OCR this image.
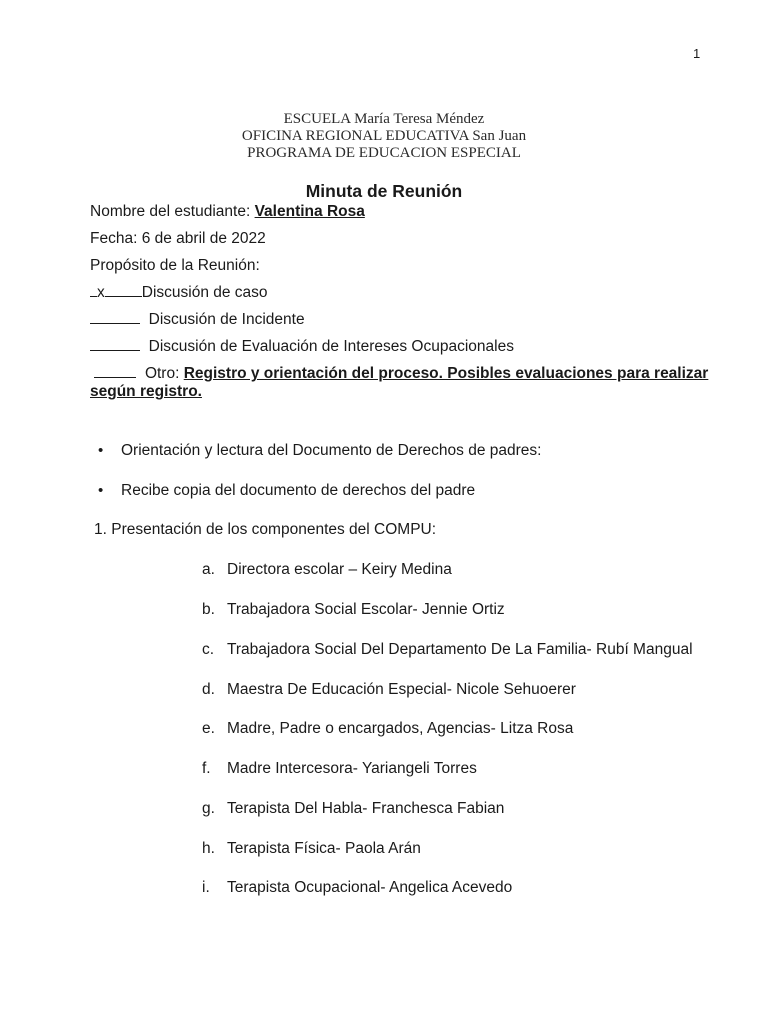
1
ESCUELA María Teresa Méndez
OFICINA REGIONAL EDUCATIVA San Juan
PROGRAMA DE EDUCACION ESPECIAL
Minuta de Reunión
Nombre del estudiante: Valentina Rosa
Fecha: 6 de abril de 2022
Propósito de la Reunión:
x Discusión de caso
Discusión de Incidente
Discusión de Evaluación de Intereses Ocupacionales
Otro: Registro y orientación del proceso. Posibles evaluaciones para realizar
según registro.
• Orientación y lectura del Documento de Derechos de padres:
• Recibe copia del documento de derechos del padre
1. Presentación de los componentes del COMPU:
a. Directora escolar – Keiry Medina
b. Trabajadora Social Escolar- Jennie Ortiz
c. Trabajadora Social Del Departamento De La Familia- Rubí Mangual
d. Maestra De Educación Especial- Nicole Sehuoerer
e. Madre, Padre o encargados, Agencias- Litza Rosa
f. Madre Intercesora- Yariangeli Torres
g. Terapista Del Habla- Franchesca Fabian
h. Terapista Física- Paola Arán
i. Terapista Ocupacional- Angelica Acevedo
